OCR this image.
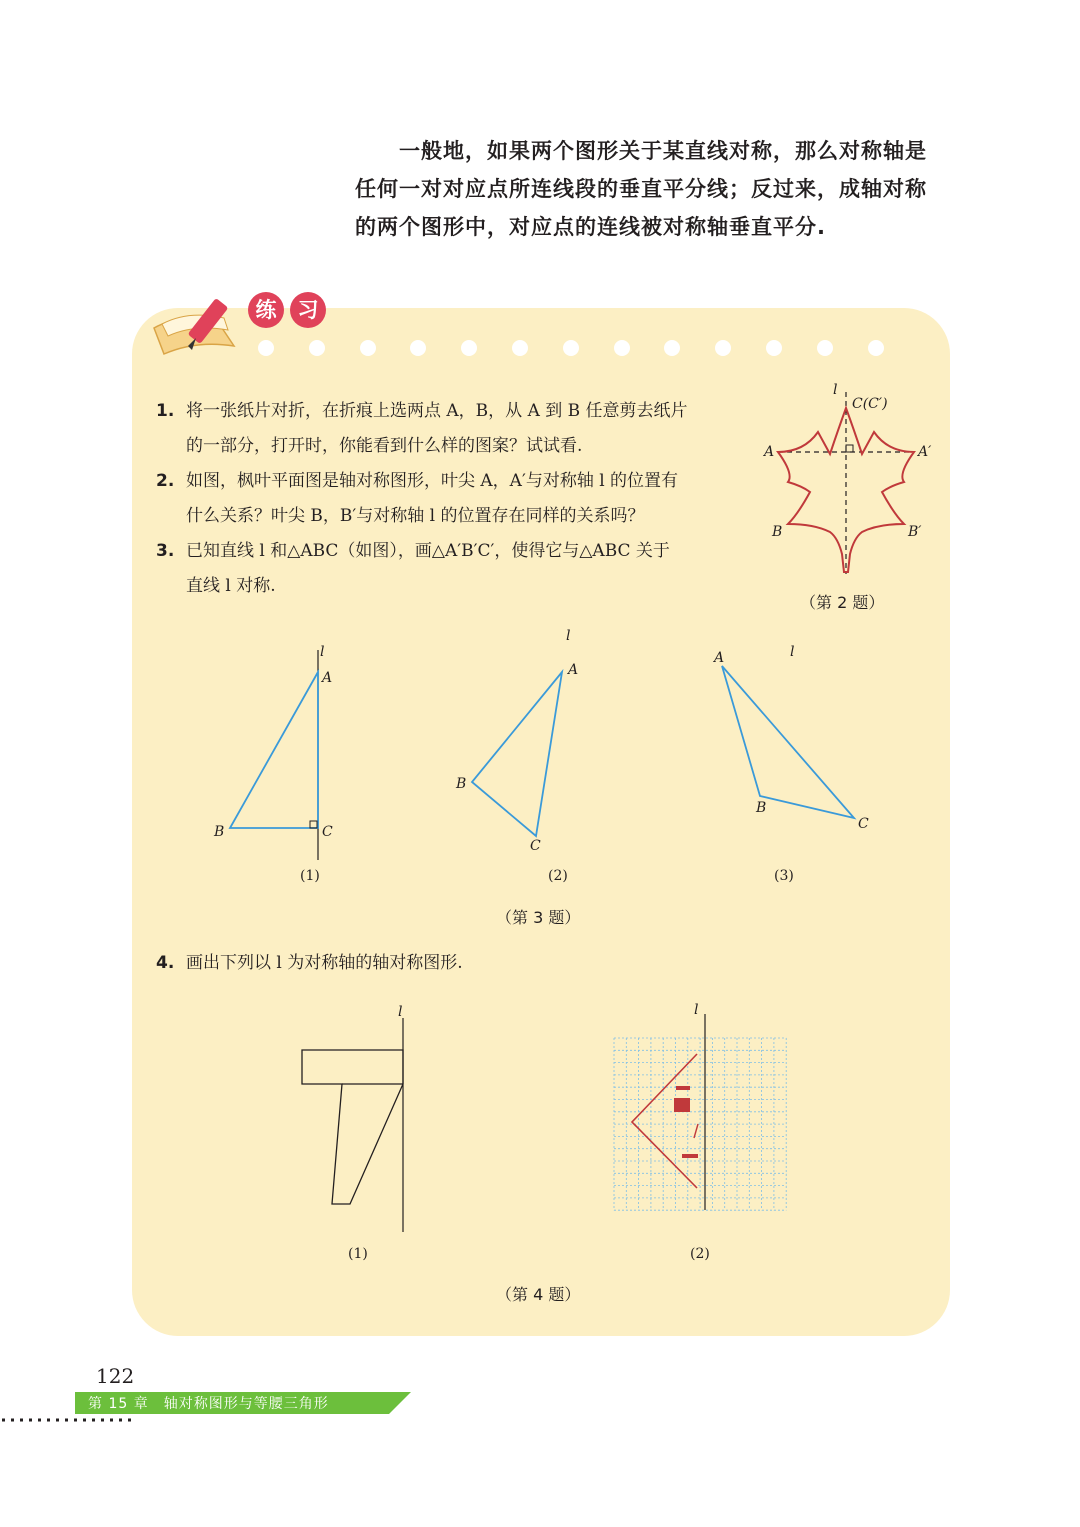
一般地，如果两个图形关于某直线对称，那么对称轴是
任何一对对应点所连线段的垂直平分线；反过来，成轴对称
的两个图形中，对应点的连线被对称轴垂直平分.
练 习
1. 将一张纸片对折，在折痕上选两点 A，B，从 A 到 B 任意剪去纸片
的一部分，打开时，你能看到什么样的图案？试试看.
2. 如图，枫叶平面图是轴对称图形，叶尖 A，A′与对称轴 l 的位置有
什么关系？叶尖 B，B′与对称轴 l 的位置存在同样的关系吗？
3. 已知直线 l 和△ABC（如图），画△A′B′C′，使得它与△ABC 关于
直线 l 对称.
l
C(C′)
A	A′
B	B′
（第 2 题）
l
A
B	C
l
A
B
C
l
A
B
C
(1)	(2)	(3)
（第 3 题）
4. 画出下列以 l 为对称轴的轴对称图形.
l	l
(1)	(2)
（第 4 题）
122
第 15 章　轴对称图形与等腰三角形
